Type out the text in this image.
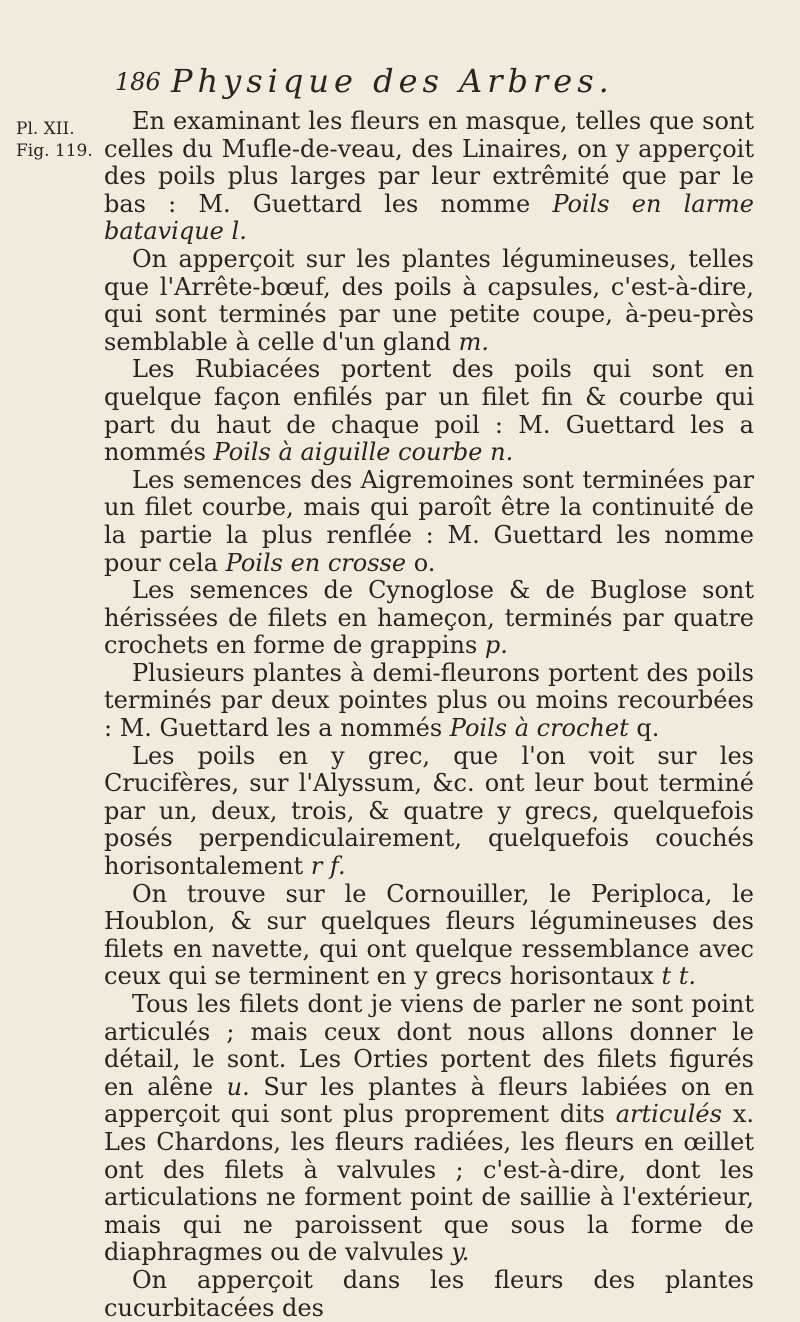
186 Physique des Arbres.
Pl. XII.
Fig. 119.

En examinant les fleurs en masque, telles que sont celles du Mufle-de-veau, des Linaires, on y apperçoit des poils plus larges par leur extrêmité que par le bas : M. Guettard les nomme Poils en larme batavique l.

On apperçoit sur les plantes légumineuses, telles que l'Arrête-bœuf, des poils à capsules, c'est-à-dire, qui sont terminés par une petite coupe, à-peu-près semblable à celle d'un gland m.

Les Rubiacées portent des poils qui sont en quelque façon enfilés par un filet fin & courbe qui part du haut de chaque poil : M. Guettard les a nommés Poils à aiguille courbe n.

Les semences des Aigremoines sont terminées par un filet courbe, mais qui paroît être la continuité de la partie la plus renflée : M. Guettard les nomme pour cela Poils en crosse o.

Les semences de Cynoglose & de Buglose sont hérissées de filets en hameçon, terminés par quatre crochets en forme de grappins p.

Plusieurs plantes à demi-fleurons portent des poils terminés par deux pointes plus ou moins recourbées : M. Guettard les a nommés Poils à crochet q.

Les poils en y grec, que l'on voit sur les Crucifères, sur l'Alyssum, &c. ont leur bout terminé par un, deux, trois, & quatre y grecs, quelquefois posés perpendiculairement, quelquefois couchés horisontalement r f.

On trouve sur le Cornouiller, le Periploca, le Houblon, & sur quelques fleurs légumineuses des filets en navette, qui ont quelque ressemblance avec ceux qui se terminent en y grecs horisontaux t t.

Tous les filets dont je viens de parler ne sont point articulés ; mais ceux dont nous allons donner le détail, le sont. Les Orties portent des filets figurés en alêne u. Sur les plantes à fleurs labiées on en apperçoit qui sont plus proprement dits articulés x. Les Chardons, les fleurs radiées, les fleurs en œillet ont des filets à valvules ; c'est-à-dire, dont les articulations ne forment point de saillie à l'extérieur, mais qui ne paroissent que sous la forme de diaphragmes ou de valvules y.

On apperçoit dans les fleurs des plantes cucurbitacées des
